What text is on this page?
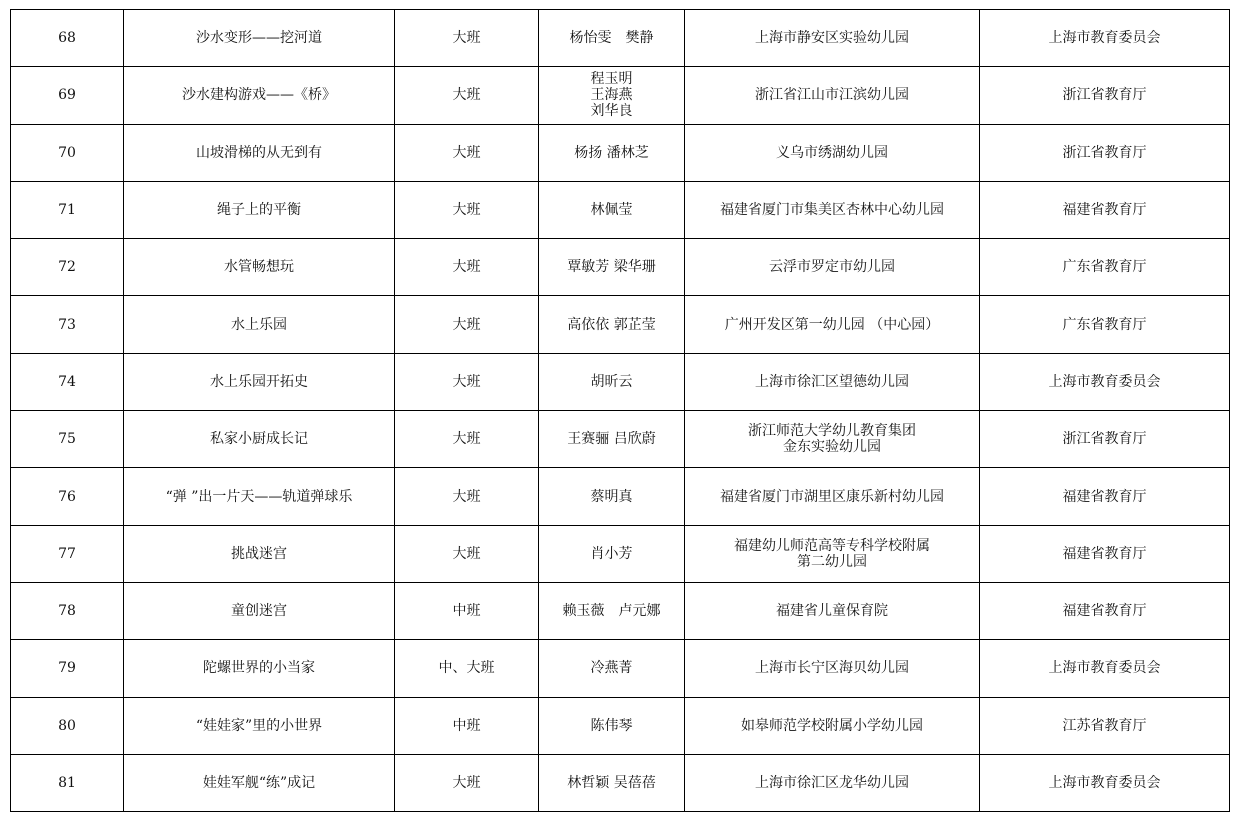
68	沙水变形——挖河道	大班	杨怡雯　樊静	上海市静安区实验幼儿园	上海市教育委员会
69	沙水建构游戏——《桥》	大班	程玉明
王海燕
刘华良	浙江省江山市江滨幼儿园	浙江省教育厅
70	山坡滑梯的从无到有	大班	杨扬 潘林芝	义乌市绣湖幼儿园	浙江省教育厅
71	绳子上的平衡	大班	林佩莹	福建省厦门市集美区杏林中心幼儿园	福建省教育厅
72	水管畅想玩	大班	覃敏芳 梁华珊	云浮市罗定市幼儿园	广东省教育厅
73	水上乐园	大班	高依依 郭芷莹	广州开发区第一幼儿园 （中心园）	广东省教育厅
74	水上乐园开拓史	大班	胡昕云	上海市徐汇区望德幼儿园	上海市教育委员会
75	私家小厨成长记	大班	王赛骊 吕欣蔚	浙江师范大学幼儿教育集团
金东实验幼儿园	浙江省教育厅
76	“弹 ”出一片天——轨道弹球乐	大班	蔡明真	福建省厦门市湖里区康乐新村幼儿园	福建省教育厅
77	挑战迷宫	大班	肖小芳	福建幼儿师范高等专科学校附属
第二幼儿园	福建省教育厅
78	童创迷宫	中班	赖玉薇　卢元娜	福建省儿童保育院	福建省教育厅
79	陀螺世界的小当家	中、大班	冷燕菁	上海市长宁区海贝幼儿园	上海市教育委员会
80	“娃娃家”里的小世界	中班	陈伟琴	如皋师范学校附属小学幼儿园	江苏省教育厅
81	娃娃军舰“练”成记	大班	林哲颖 吴蓓蓓	上海市徐汇区龙华幼儿园	上海市教育委员会
